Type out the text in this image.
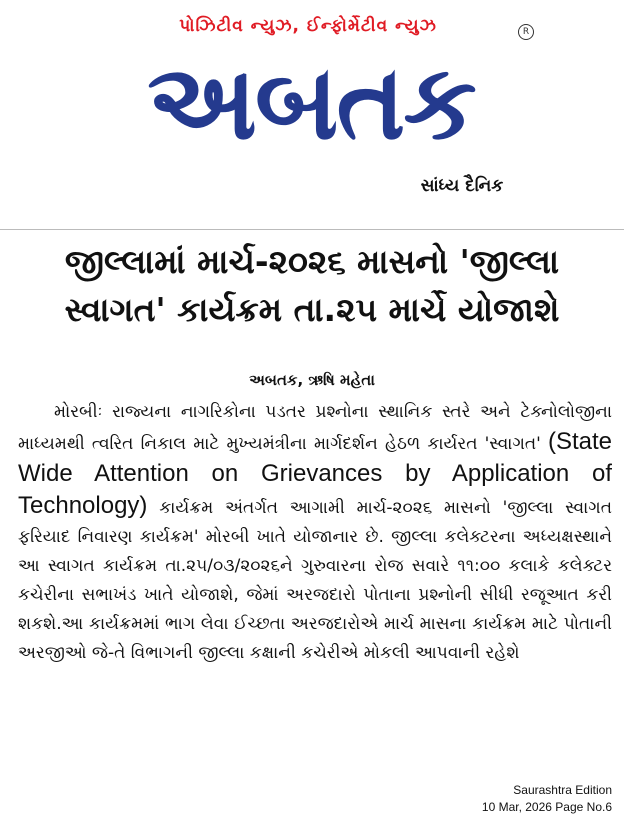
પોઝિટીવ ન્યુઝ, ઈન્ફોર્મેટીવ ન્યુઝ	R
અબતક
સાંધ્ય દૈનિક
જીલ્લામાં માર્ચ-૨૦૨૬ માસનો 'જીલ્લા
સ્વાગત' કાર્યક્રમ તા.૨૫ માર્ચે યોજાશે
અબતક, ઋષિ મહેતા

મોરબીઃ રાજ્યના નાગરિકોના પડતર પ્રશ્નોના સ્થાનિક સ્તરે અને ટેક્નોલોજીના માધ્યમથી ત્વરિત નિકાલ માટે મુખ્યમંત્રીના માર્ગદર્શન હેઠળ કાર્યરત 'સ્વાગત' (State Wide Attention on Grievances by Application of Technology) કાર્યક્રમ અંતર્ગત આગામી માર્ચ-૨૦૨૬ માસનો 'જીલ્લા સ્વાગત ફરિયાદ નિવારણ કાર્યક્રમ' મોરબી ખાતે યોજાનાર છે. જીલ્લા કલેક્ટરના અધ્યક્ષસ્થાને આ સ્વાગત કાર્યક્રમ તા.૨૫/૦૩/૨૦૨૬ને ગુરુવારના રોજ સવારે ૧૧:૦૦ કલાકે કલેક્ટર કચેરીના સભાખંડ ખાતે યોજાશે, જેમાં અરજદારો પોતાના પ્રશ્નોની સીધી રજૂઆત કરી શકશે.આ કાર્યક્રમમાં ભાગ લેવા ઈચ્છતા અરજદારોએ માર્ચ માસના કાર્યક્રમ માટે પોતાની અરજીઓ જે-તે વિભાગની જીલ્લા કક્ષાની કચેરીએ મોકલી આપવાની રહેશે

Saurashtra Edition
10 Mar, 2026 Page No.6
